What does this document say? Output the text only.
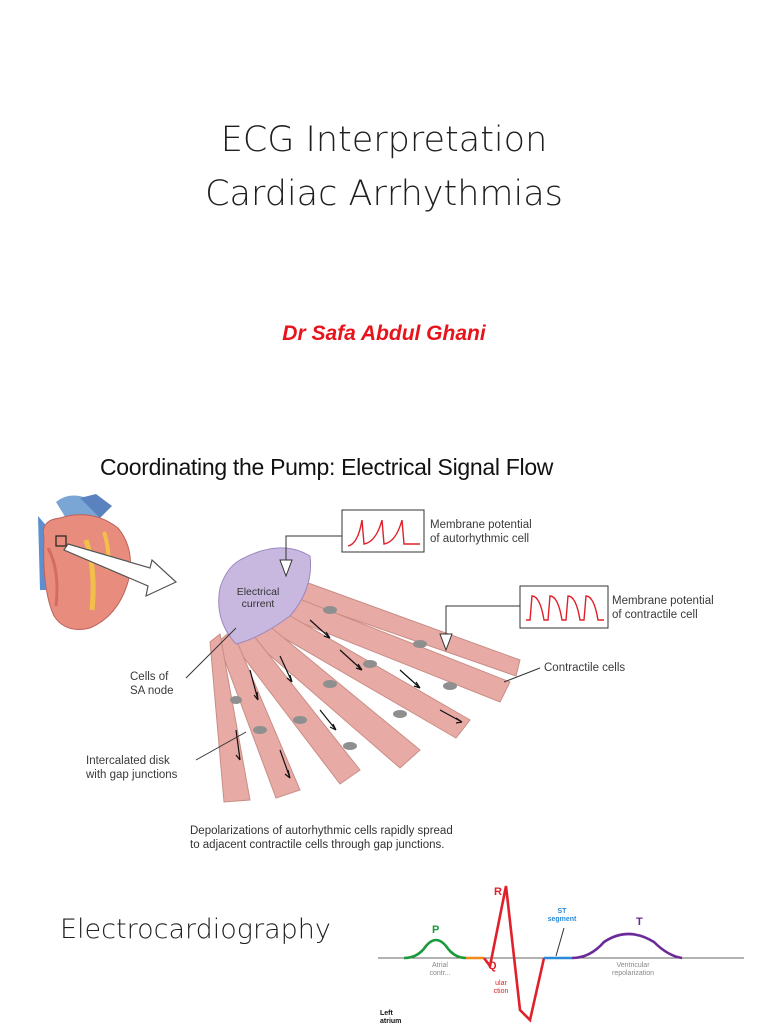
ECG Interpretation
Cardiac Arrhythmias
Dr Safa Abdul Ghani
Coordinating the Pump: Electrical Signal Flow
Membrane potential
of autorhythmic cell
Membrane potential
of contractile cell
Electrical
current
Cells of
SA node
Contractile cells
Intercalated disk
with gap junctions
Depolarizations of autorhythmic cells rapidly spread
to adjacent contractile cells through gap junctions.
Electrocardiography	P
Q
R
T
ST
segment
Atrial
contr...
Ventricular
repolarization
ular
ction
Left
atrium
